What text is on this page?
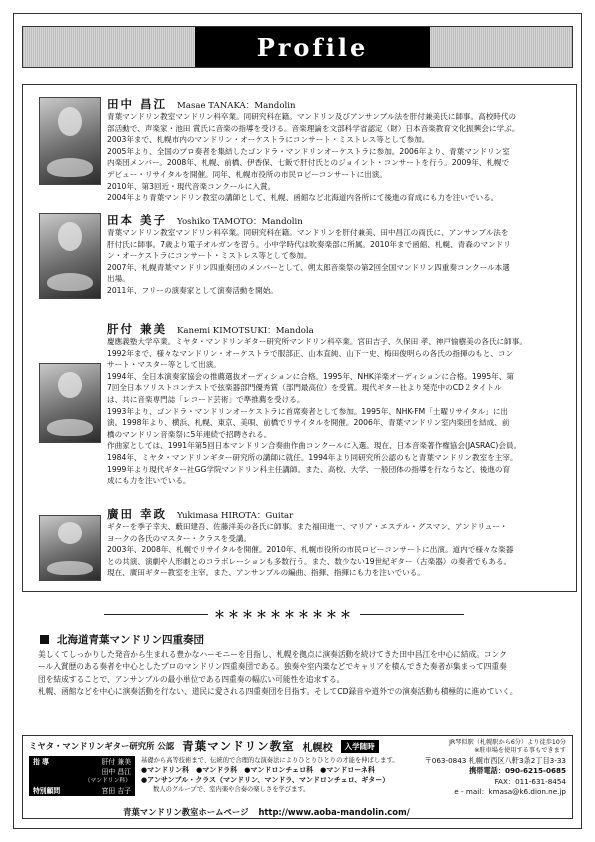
Profile
田中 昌江 Masae TANAKA：Mandolin
青葉マンドリン教室マンドリン科卒業。同研究科在籍。マンドリン及びアンサンブル法を肝付兼美氏に師事。高校時代の
部活動で、声楽家・池田 賞氏に音楽の指導を受ける。音楽理論を文部科学省認定（財）日本音楽教育文化振興会に学ぶ。
2003年まで、札幌市内のマンドリン・オーケストラにコンサート・ミストレス等として参加。
2005年より、全国のプロ奏者を集結したゴンドラ・マンドリンオーケストラに参加。2006年より、青葉マンドリン室
内楽団メンバー。2008年、札幌、前橋、伊香保、七飯で肝付氏とのジョイント・コンサートを行う。2009年、札幌で
デビュー・リサイタルを開催。同年、札幌市役所の市民ロビーコンサートに出演。
2010年、第3回近・現代音楽コンクールに入賞。
2004年より青葉マンドリン教室の講師として、札幌、函館など北海道内各所にて後進の育成にも力を注いでいる。
田本 美子 Yoshiko TAMOTO：Mandolin
青葉マンドリン教室マンドリン科卒業。同研究科在籍。マンドリンを肝付兼美、田中昌江の両氏に、アンサンブル法を
肝付氏に師事。7歳より電子オルガンを習う。小中学時代は吹奏楽部に所属。2010年まで函館、札幌、青森のマンドリ
ン・オーケストラにコンサート・ミストレス等として参加。
2007年、札幌青葉マンドリン四重奏団のメンバーとして、朔太郎音楽祭の第2回全国マンドリン四重奏コンクール本選
出場。
2011年、フリーの演奏家として演奏活動を開始。
肝付 兼美 Kanemi KIMOTSUKI：Mandola
慶應義塾大学卒業。ミヤタ・マンドリンギター研究所マンドリン科卒業。宮田吉子、久保田 孝、神戸愉樹美の各氏に師事。
1992年まで、様々なマンドリン・オーケストラで服部正、山本直純、山下一史、梅田俊明らの各氏の指揮のもと、コン
サート・マスター等として出演。
1994年、全日本演奏家協会の推薦選抜オーディションに合格。1995年、NHK洋楽オーディションに合格。1995年、第
7回全日本ソリストコンテストで弦楽器部門優秀賞（部門最高位）を受賞。現代ギター社より発売中のCD２タイトル
は、共に音楽専門誌「レコード芸術」で準推薦を受ける。
1993年より、ゴンドラ・マンドリンオーケストラに首席奏者として参加。1995年、NHK-FM「土曜リサイタル」に出
演。1998年より、横浜、札幌、東京、美唄、前橋でリサイタルを開催。2006年、青葉マンドリン室内楽団を結成、前
橋のマンドリン音楽祭に5年連続で招聘される。
作曲家としては、1991年第5回日本マンドリン合奏曲作曲コンクールに入選。現在、日本音楽著作権協会(JASRAC)会員。
1984年、ミヤタ・マンドリンギター研究所の講師に就任。1994年より同研究所公認のもと青葉マンドリン教室を主宰。
1999年より現代ギター社GG学院マンドリン科主任講師。また、高校、大学、一般団体の指導を行なうなど、後進の育
成にも力を注いでいる。
廣田 幸政 Yukimasa HIROTA：Guitar
ギターを季子幸夫、藪田建吾、佐藤洋美の各氏に師事。また福田進一、マリア・エステル・グスマン、アンドリュー・
ヨークの各氏のマスター・クラスを受講。
2003年、2008年、札幌でリサイタルを開催。2010年、札幌市役所の市民ロビーコンサートに出演。道内で様々な楽器
との共演、演劇や人形劇とのコラボレーションも多数行う。また、数少ない19世紀ギター（古楽器）の奏者でもある。
現在、廣田ギター教室を主宰。また、アンサンブルの編曲、指揮、指揮にも力を注いでいる。
＊＊＊＊＊＊＊＊＊＊
北海道青葉マンドリン四重奏団
美しくてしっかりした発音から生まれる豊かなハーモニーを目指し、札幌を拠点に演奏活動を続けてきた田中昌江を中心に結成。コンク
ール入賞歴のある奏者を中心としたプロのマンドリン四重奏団である。独奏や室内楽などでキャリアを積んできた奏者が集まって四重奏
団を結成することで、アンサンブルの最小単位である四重奏の幅広い可能性を追求する。
札幌、函館などを中心に演奏活動を行ない、道民に愛される四重奏団を目指す。そしてCD録音や道外での演奏活動も積極的に進めていく。
ミヤタ・マンドリンギター研究所 公認 青葉マンドリン教室 札幌校	入学随時	JR琴似駅（札幌駅から6分）より徒歩10分
※駐車場を使用する事もできます
指 導	肝付 兼美
田中 昌江
（マンドリン科）
特別顧問	宮田 吉子
基礎から高等技術まで、伝統的で合理的な演奏法によりひとりひとりの才能を伸ばします。
●マンドリン科　●マンドラ科　●マンドロンチェロ科　●マンドローネ科
●アンサンブル・クラス（マンドリン、マンドラ、マンドロンチェロ、ギター）
数人のグループで、室内楽や合奏の楽しさを学びます。
〒063-0843 札幌市西区八軒3条2丁目3-33
携帯電話：090-6215-0685
FAX：011-631-8454
e - mail：kmasa@k6.dion.ne.jp
青葉マンドリン教室ホームページ http://www.aoba-mandolin.com/
